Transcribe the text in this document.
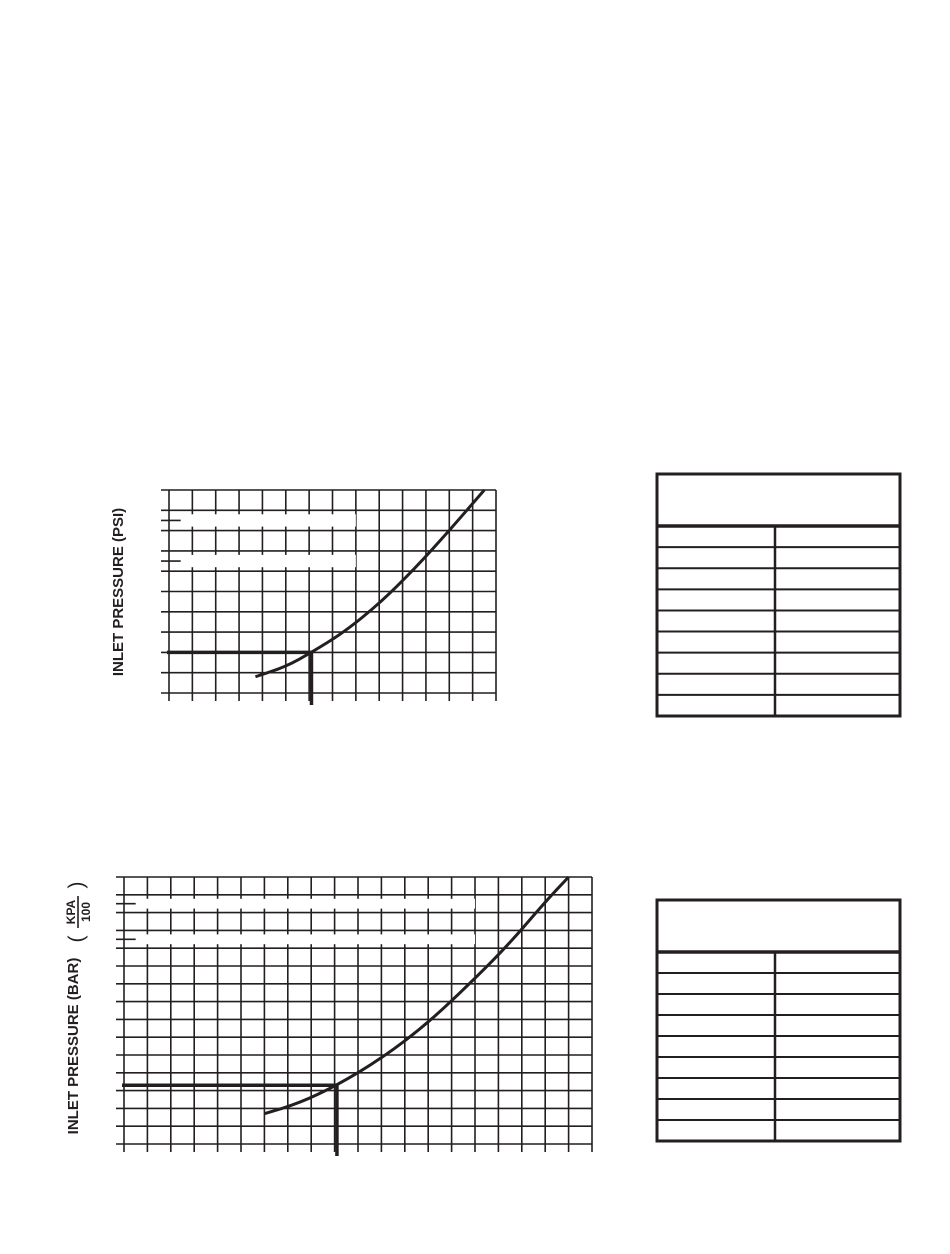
INLET PRESSURE (PSI)
INLET PRESSURE (BAR)
(
KPA 100
)
